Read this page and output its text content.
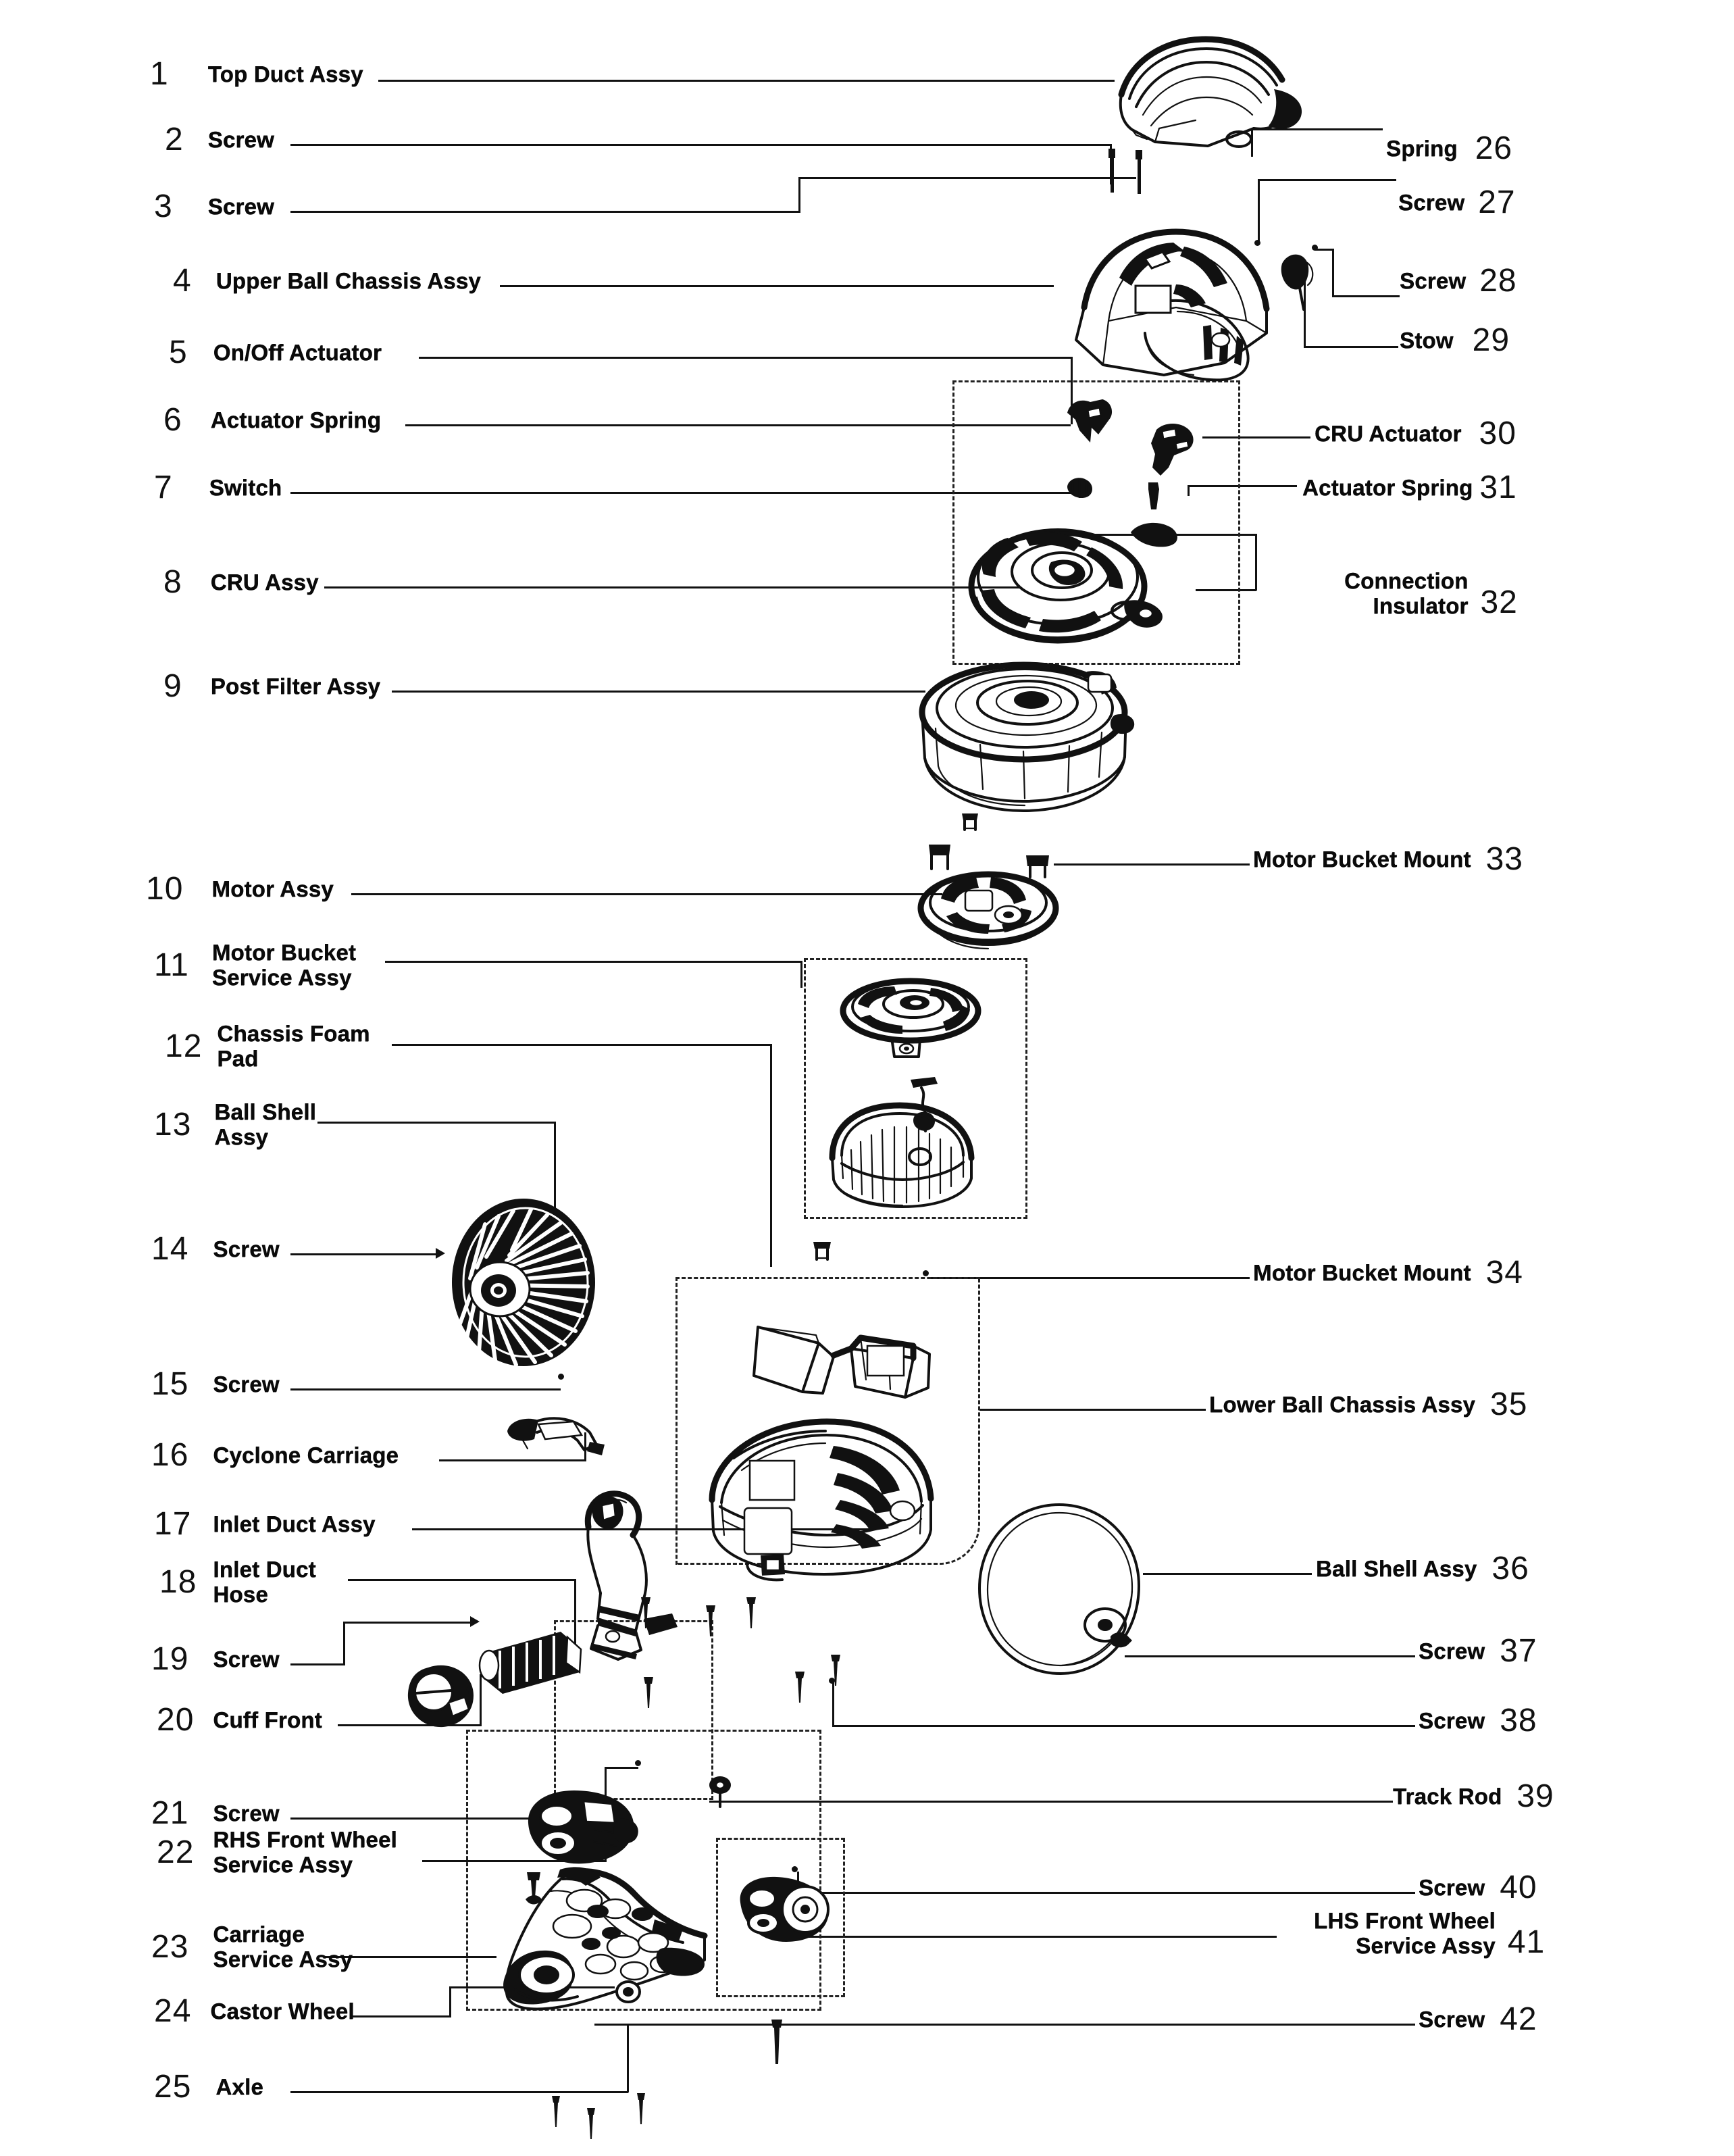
1 Top Duct Assy
2 Screw
3 Screw
4 Upper Ball Chassis Assy
5 On/Off Actuator
6 Actuator Spring
7 Switch
8 CRU Assy
9 Post Filter Assy
10 Motor Assy
11 Motor Bucket
Service Assy
12 Chassis Foam
Pad
13 Ball Shell
Assy
14 Screw
15 Screw
16 Cyclone Carriage
17 Inlet Duct Assy
18 Inlet Duct
Hose
19 Screw
20 Cuff Front
21 Screw
22 RHS Front Wheel
Service Assy
23 Carriage
Service Assy
24 Castor Wheel
25 Axle
Spring 26
Screw 27
Screw 28
Stow 29
CRU Actuator 30
Actuator Spring 31
Connection
Insulator 32
Motor Bucket Mount 33
Motor Bucket Mount 34
Lower Ball Chassis Assy 35
Ball Shell Assy 36
Screw 37
Screw 38
Track Rod 39
Screw 40
LHS Front Wheel
Service Assy 41
Screw 42
